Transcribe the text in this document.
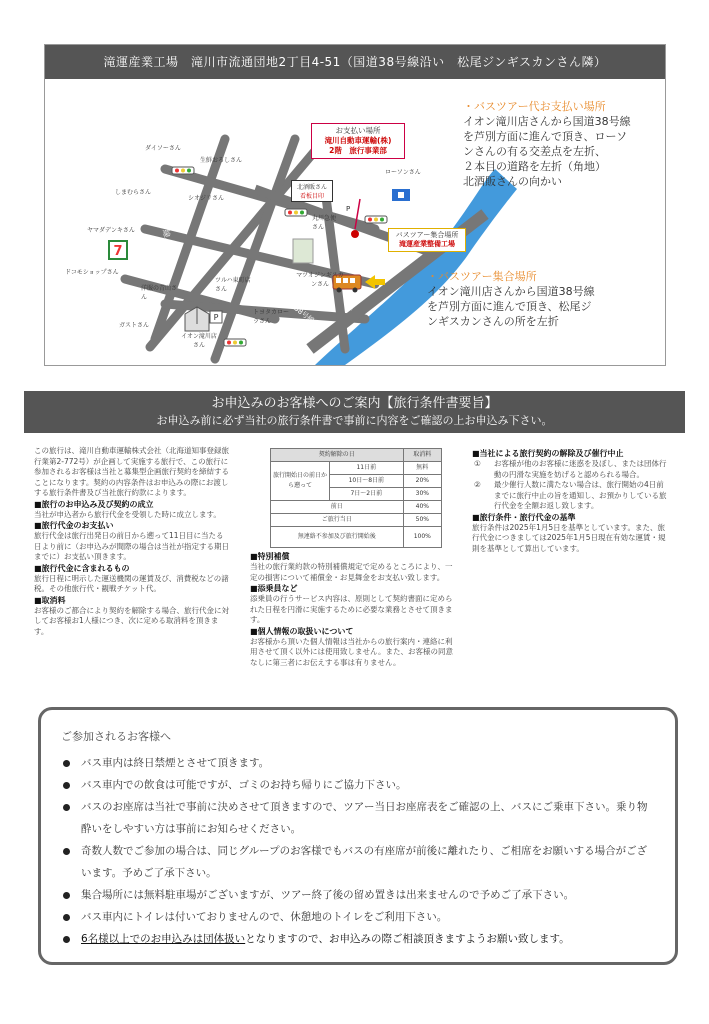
滝運産業工場　滝川市流通団地2丁目4-51（国道38号線沿い　松尾ジンギスカンさん隣）
7
P
ダイソーさん
生鮮おろしさん
シオジリさん
しまむらさん
ヤマダデンキさん
ドコモショップさん
洋服の青山さん
ガストさん
ツルハ東町店さん
イオン滝川店さん
トヨタカローラさん
マツオジンギスカンさん
北酒販さん
看板目印
丸川急便さん
ローソンさん
P
国道12号線バイパス
国道38号線	空知川
お支払い場所
滝川自動車運輸(株)
2階　旅行事業部
バスツアー集合場所
滝運産業整備工場
・バスツアー代お支払い場所
イオン滝川店さんから国道38号線
を芦別方面に進んで頂き、ローソ
ンさんの有る交差点を左折、
２本目の道路を左折（角地）
北酒販さんの向かい
・バスツアー集合場所
イオン滝川店さんから国道38号線
を芦別方面に進んで頂き、松尾ジ
ンギスカンさんの所を左折
お申込みのお客様へのご案内【旅行条件書要旨】
お申込み前に必ず当社の旅行条件書で事前に内容をご確認の上お申込み下さい。

この旅行は、滝川自動車運輸株式会社（北海道知事登録旅行業第2-772号）が企画して実施する旅行で、この旅行に参加されるお客様は当社と募集型企画旅行契約を締結することになります。契約の内容条件はお申込みの際にお渡しする旅行条件書及び当社旅行約款によります。

■旅行のお申込み及び契約の成立

当社が申込者から旅行代金を受領した時に成立します。

■旅行代金のお支払い

旅行代金は旅行出発日の前日から遡って11日目に当たる日より前に（お申込みが間際の場合は当社が指定する期日までに）お支払い頂きます。

■旅行代金に含まれるもの

旅行日程に明示した運送機関の運賃及び、消費税などの諸税。その他旅行代・観戦チケット代。

■取消料

お客様のご都合により契約を解除する場合、旅行代金に対してお客様お1人様につき、次に定める取消料を頂きます。

契約解除の日		取消料
旅行開始日の前日から遡って	11日前	無料
	10日～8日前	20%
	7日～2日前	30%
前日		40%
ご旅行当日		50%
無連絡不参加及び旅行開始後		100%
■特別補償

当社の旅行業約款の特別補償規定で定めるところにより、一定の損害について補償金・お見舞金をお支払い致します。

■添乗員など

添乗員の行うサービス内容は、原則として契約書面に定められた日程を円滑に実施するために必要な業務とさせて頂きます。

■個人情報の取扱いについて

お客様から頂いた個人情報は当社からの旅行案内・連絡に利用させて頂く以外には使用致しません。また、お客様の同意なしに第三者にお伝えする事は有りません。

■当社による旅行契約の解除及び催行中止
① お客様が他のお客様に迷惑を及ぼし、または団体行動の円滑な実施を妨げると認められる場合。

② 最少催行人数に満たない場合は、旅行開始の4日前までに旅行中止の旨を通知し、お預かりしている旅行代金を全額お返し致します。

■旅行条件・旅行代金の基準

旅行条件は2025年1月5日を基準としています。また、旅行代金につきましては2025年1月5日現在有効な運賃・規則を基準として算出しています。

ご参加されるお客様へ
バス車内は終日禁煙とさせて頂きます。
バス車内での飲食は可能ですが、ゴミのお持ち帰りにご協力下さい。
バスのお座席は当社で事前に決めさせて頂きますので、ツアー当日お座席表をご確認の上、バスにご乗車下さい。乗り物酔いをしやすい方は事前にお知らせください。
奇数人数でご参加の場合は、同じグループのお客様でもバスの有座席が前後に離れたり、ご相席をお願いする場合がございます。予めご了承下さい。
集合場所には無料駐車場がございますが、ツアー終了後の留め置きは出来ませんので予めご了承下さい。
バス車内にトイレは付いておりませんので、休憩地のトイレをご利用下さい。
6名様以上でのお申込みは団体扱いとなりますので、お申込みの際ご相談頂きますようお願い致します。
